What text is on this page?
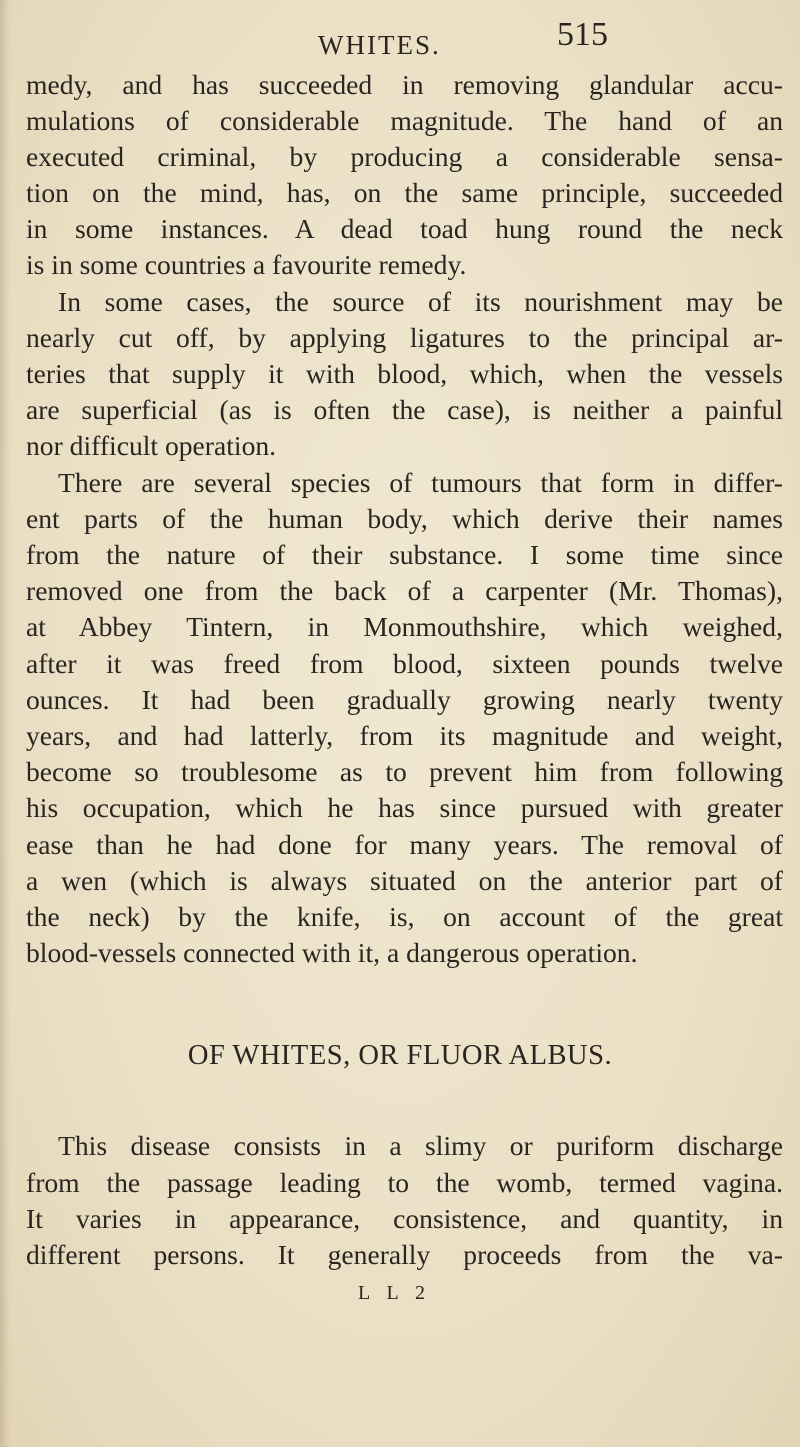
WHITES.	515
medy, and has succeeded in removing glandular accu-
mulations of considerable magnitude. The hand of an
executed criminal, by producing a considerable sensa-
tion on the mind, has, on the same principle, succeeded
in some instances. A dead toad hung round the neck
is in some countries a favourite remedy.
In some cases, the source of its nourishment may be
nearly cut off, by applying ligatures to the principal ar-
teries that supply it with blood, which, when the vessels
are superficial (as is often the case), is neither a painful
nor difficult operation.
There are several species of tumours that form in differ-
ent parts of the human body, which derive their names
from the nature of their substance. I some time since
removed one from the back of a carpenter (Mr. Thomas),
at Abbey Tintern, in Monmouthshire, which weighed,
after it was freed from blood, sixteen pounds twelve
ounces. It had been gradually growing nearly twenty
years, and had latterly, from its magnitude and weight,
become so troublesome as to prevent him from following
his occupation, which he has since pursued with greater
ease than he had done for many years. The removal of
a wen (which is always situated on the anterior part of
the neck) by the knife, is, on account of the great
blood-vessels connected with it, a dangerous operation.
OF WHITES, OR FLUOR ALBUS.
This disease consists in a slimy or puriform discharge
from the passage leading to the womb, termed vagina.
It varies in appearance, consistence, and quantity, in
different persons. It generally proceeds from the va-
L L 2
